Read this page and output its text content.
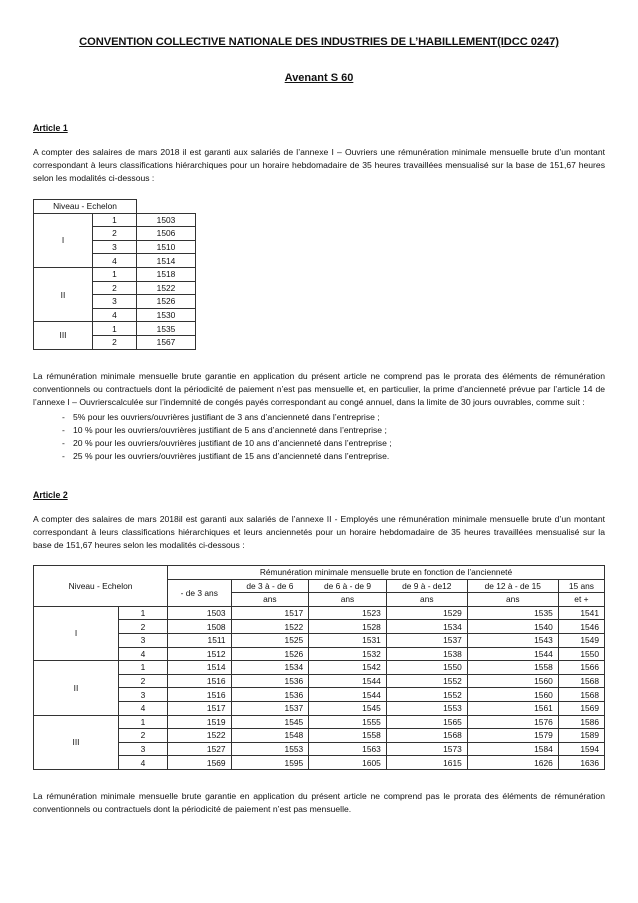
CONVENTION COLLECTIVE NATIONALE DES INDUSTRIES DE L’HABILLEMENT(IDCC 0247)
Avenant S 60
Article 1
A compter des salaires de mars 2018 il est garanti aux salariés de l’annexe I – Ouvriers une rémunération minimale mensuelle brute d’un montant correspondant à leurs classifications hiérarchiques pour un horaire hebdomadaire de 35 heures travaillées mensualisé sur la base de 151,67 heures selon les modalités ci-dessous :
Niveau - Echelon		
I	1	1503
	2	1506
	3	1510
	4	1514
II	1	1518
	2	1522
	3	1526
	4	1530
III	1	1535
	2	1567
La rémunération minimale mensuelle brute garantie en application du présent article ne comprend pas le prorata des éléments de rémunération conventionnels ou contractuels dont la périodicité de paiement n’est pas mensuelle et, en particulier, la prime d’ancienneté prévue par l’article 14 de l’annexe I – Ouvrierscalculée sur l’indemnité de congés payés correspondant au congé annuel, dans la limite de 30 jours ouvrables, comme suit :
- 5% pour les ouvriers/ouvrières justifiant de 3 ans d’ancienneté dans l’entreprise ;
- 10 % pour les ouvriers/ouvrières justifiant de 5 ans d’ancienneté dans l’entreprise ;
- 20 % pour les ouvriers/ouvrières justifiant de 10 ans d’ancienneté dans l’entreprise ;
- 25 % pour les ouvriers/ouvrières justifiant de 15 ans d’ancienneté dans l’entreprise.
Article 2
A compter des salaires de mars 2018il est garanti aux salariés de l’annexe II - Employés une rémunération minimale mensuelle brute d’un montant correspondant à leurs classifications hiérarchiques et leurs anciennetés pour un horaire hebdomadaire de 35 heures travaillées mensualisé sur la base de 151,67 heures selon les modalités ci-dessous :
Niveau - Echelon		Rémunération minimale mensuelle brute en fonction de l’ancienneté					
		- de 3 ans	de 3 à - de 6	de 6 à - de 9	de 9 à - de12	de 12 à - de 15	15 ans
			ans	ans	ans	ans	et +
I	1	1503	1517	1523	1529	1535	1541
	2	1508	1522	1528	1534	1540	1546
	3	1511	1525	1531	1537	1543	1549
	4	1512	1526	1532	1538	1544	1550
II	1	1514	1534	1542	1550	1558	1566
	2	1516	1536	1544	1552	1560	1568
	3	1516	1536	1544	1552	1560	1568
	4	1517	1537	1545	1553	1561	1569
III	1	1519	1545	1555	1565	1576	1586
	2	1522	1548	1558	1568	1579	1589
	3	1527	1553	1563	1573	1584	1594
	4	1569	1595	1605	1615	1626	1636
La rémunération minimale mensuelle brute garantie en application du présent article ne comprend pas le prorata des éléments de rémunération conventionnels ou contractuels dont la périodicité de paiement n’est pas mensuelle.
